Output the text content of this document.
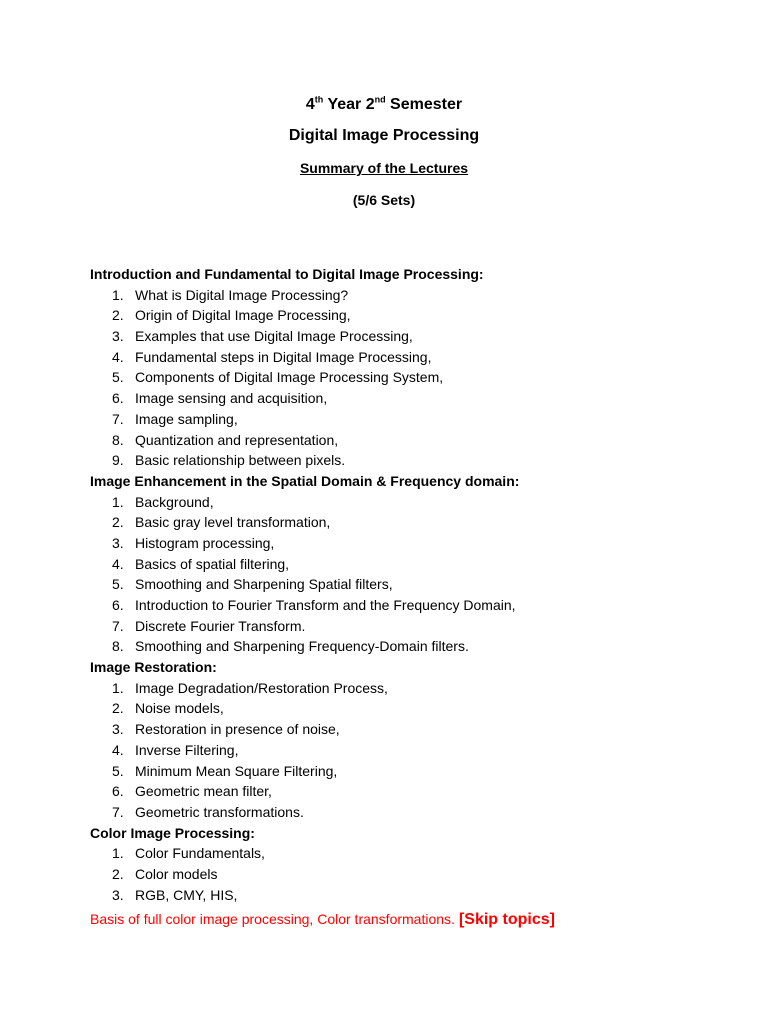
4th Year 2nd Semester
Digital Image Processing
Summary of the Lectures
(5/6 Sets)
Introduction and Fundamental to Digital Image Processing:
1. What is Digital Image Processing?
2. Origin of Digital Image Processing,
3. Examples that use Digital Image Processing,
4. Fundamental steps in Digital Image Processing,
5. Components of Digital Image Processing System,
6. Image sensing and acquisition,
7. Image sampling,
8. Quantization and representation,
9. Basic relationship between pixels.
Image Enhancement in the Spatial Domain & Frequency domain:
1. Background,
2. Basic gray level transformation,
3. Histogram processing,
4. Basics of spatial filtering,
5. Smoothing and Sharpening Spatial filters,
6. Introduction to Fourier Transform and the Frequency Domain,
7. Discrete Fourier Transform.
8. Smoothing and Sharpening Frequency-Domain filters.
Image Restoration:
1. Image Degradation/Restoration Process,
2. Noise models,
3. Restoration in presence of noise,
4. Inverse Filtering,
5. Minimum Mean Square Filtering,
6. Geometric mean filter,
7. Geometric transformations.
Color Image Processing:
1. Color Fundamentals,
2. Color models
3. RGB, CMY, HIS,
Basis of full color image processing, Color transformations. [Skip topics]
